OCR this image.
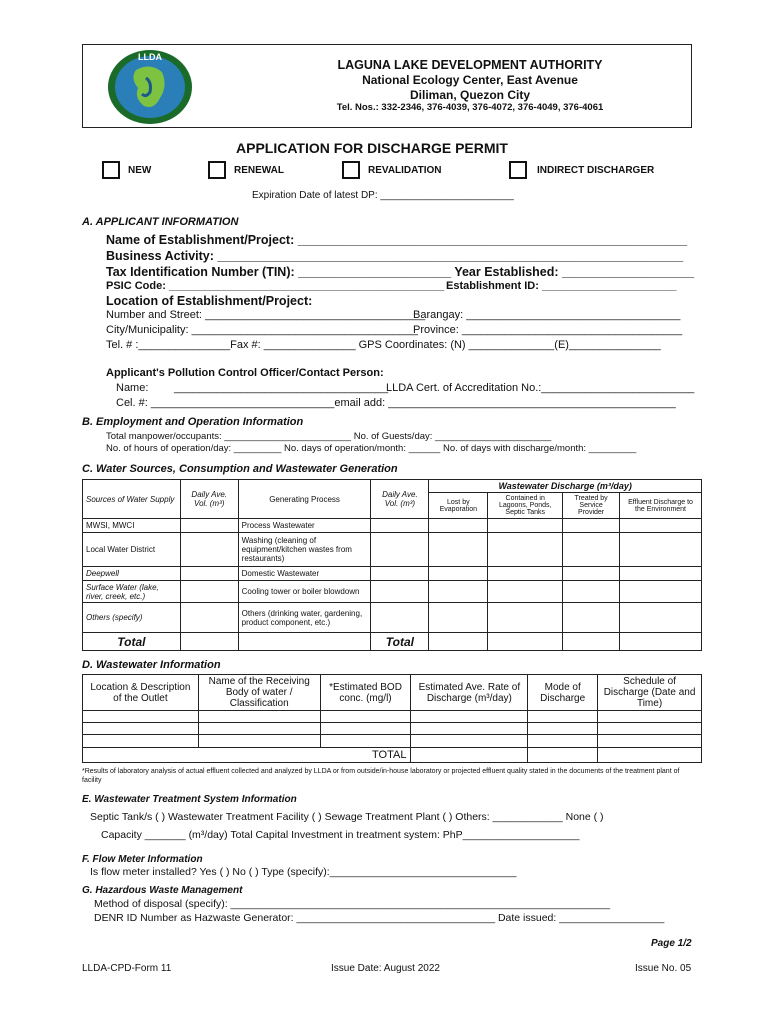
LLDA
LAGUNA LAKE DEVELOPMENT AUTHORITY
National Ecology Center, East Avenue
Diliman, Quezon City
Tel. Nos.: 332-2346, 376-4039, 376-4072, 376-4049, 376-4061
APPLICATION FOR DISCHARGE PERMIT
NEW	RENEWAL	REVALIDATION	INDIRECT DISCHARGER
Expiration Date of latest DP: ________________________
A. APPLICANT INFORMATION
Name of Establishment/Project: ________________________________________________________
Business Activity: ___________________________________________________________________
Tax Identification Number (TIN): ______________________ Year Established: ___________________
PSIC Code: _____________________________________________ Establishment ID: ______________________
Location of Establishment/Project:
Number and Street: ____________________________________
Barangay: ___________________________________
City/Municipality: _____________________________________
Province: ____________________________________
Tel. # :_______________Fax #: _______________ GPS Coordinates: (N) ______________(E)_______________
Applicant's Pollution Control Officer/Contact Person:
Name: ___________________________________
LLDA Cert. of Accreditation No.:_________________________
Cel. #: ______________________________email add: _______________________________________________
B. Employment and Operation Information
Total manpower/occupants: ________________________ No. of Guests/day: ______________________
No. of hours of operation/day: _________ No. days of operation/month: ______ No. of days with discharge/month: _________
C. Water Sources, Consumption and Wastewater Generation
Sources of Water Supply	Daily Ave. Vol. (m³)	Generating Process	Daily Ave. Vol. (m³)	Wastewater Discharge (m³/day)			
				Lost by Evaporation	Contained in Lagoons, Ponds, Septic Tanks	Treated by Service Provider	Effluent Discharge to the Environment
MWSI, MWCI		Process Wastewater					
Local Water District		Washing (cleaning of equipment/kitchen wastes from restaurants)					
Deepwell		Domestic Wastewater					
Surface Water (lake, river, creek, etc.)		Cooling tower or boiler blowdown					
Others (specify)		Others (drinking water, gardening, product component, etc.)					
Total			Total				
D. Wastewater Information
Location & Description of the Outlet	Name of the Receiving Body of water / Classification	*Estimated BOD conc. (mg/l)	Estimated Ave. Rate of Discharge (m³/day)	Mode of Discharge	Schedule of Discharge (Date and Time)

TOTAL					
*Results of laboratory analysis of actual effluent collected and analyzed by LLDA or from outside/in-house laboratory or projected effluent quality stated in the documents of the treatment plant of facility
E. Wastewater Treatment System Information
Septic Tank/s ( ) Wastewater Treatment Facility ( ) Sewage Treatment Plant ( ) Others: ____________ None ( )
Capacity _______ (m³/day) Total Capital Investment in treatment system: PhP____________________
F. Flow Meter Information
Is flow meter installed? Yes ( ) No ( ) Type (specify):________________________________
G. Hazardous Waste Management
Method of disposal (specify): _________________________________________________________________
DENR ID Number as Hazwaste Generator: __________________________________ Date issued: __________________
Page 1/2
LLDA-CPD-Form 11	Issue Date: August 2022	Issue No. 05
